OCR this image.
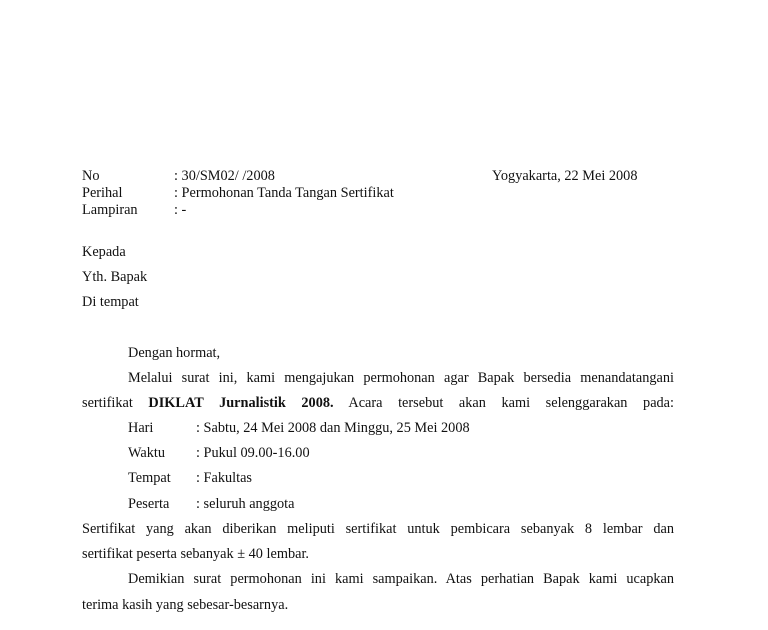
No	: 30/SM02/ /2008	Yogyakarta, 22 Mei 2008
Perihal	: Permohonan Tanda Tangan Sertifikat
Lampiran	: -
Kepada
Yth. Bapak
Di tempat
Dengan hormat,
Melalui surat ini, kami mengajukan permohonan agar Bapak bersedia menandatangani
sertifikat DIKLAT Jurnalistik 2008. Acara tersebut akan kami selenggarakan pada:
Hari	: Sabtu, 24 Mei 2008 dan Minggu, 25 Mei 2008
Waktu : Pukul 09.00-16.00
Tempat : Fakultas
Peserta : seluruh anggota
Sertifikat yang akan diberikan meliputi sertifikat untuk pembicara sebanyak 8 lembar dan
sertifikat peserta sebanyak ± 40 lembar.
Demikian surat permohonan ini kami sampaikan. Atas perhatian Bapak kami ucapkan
terima kasih yang sebesar-besarnya.
